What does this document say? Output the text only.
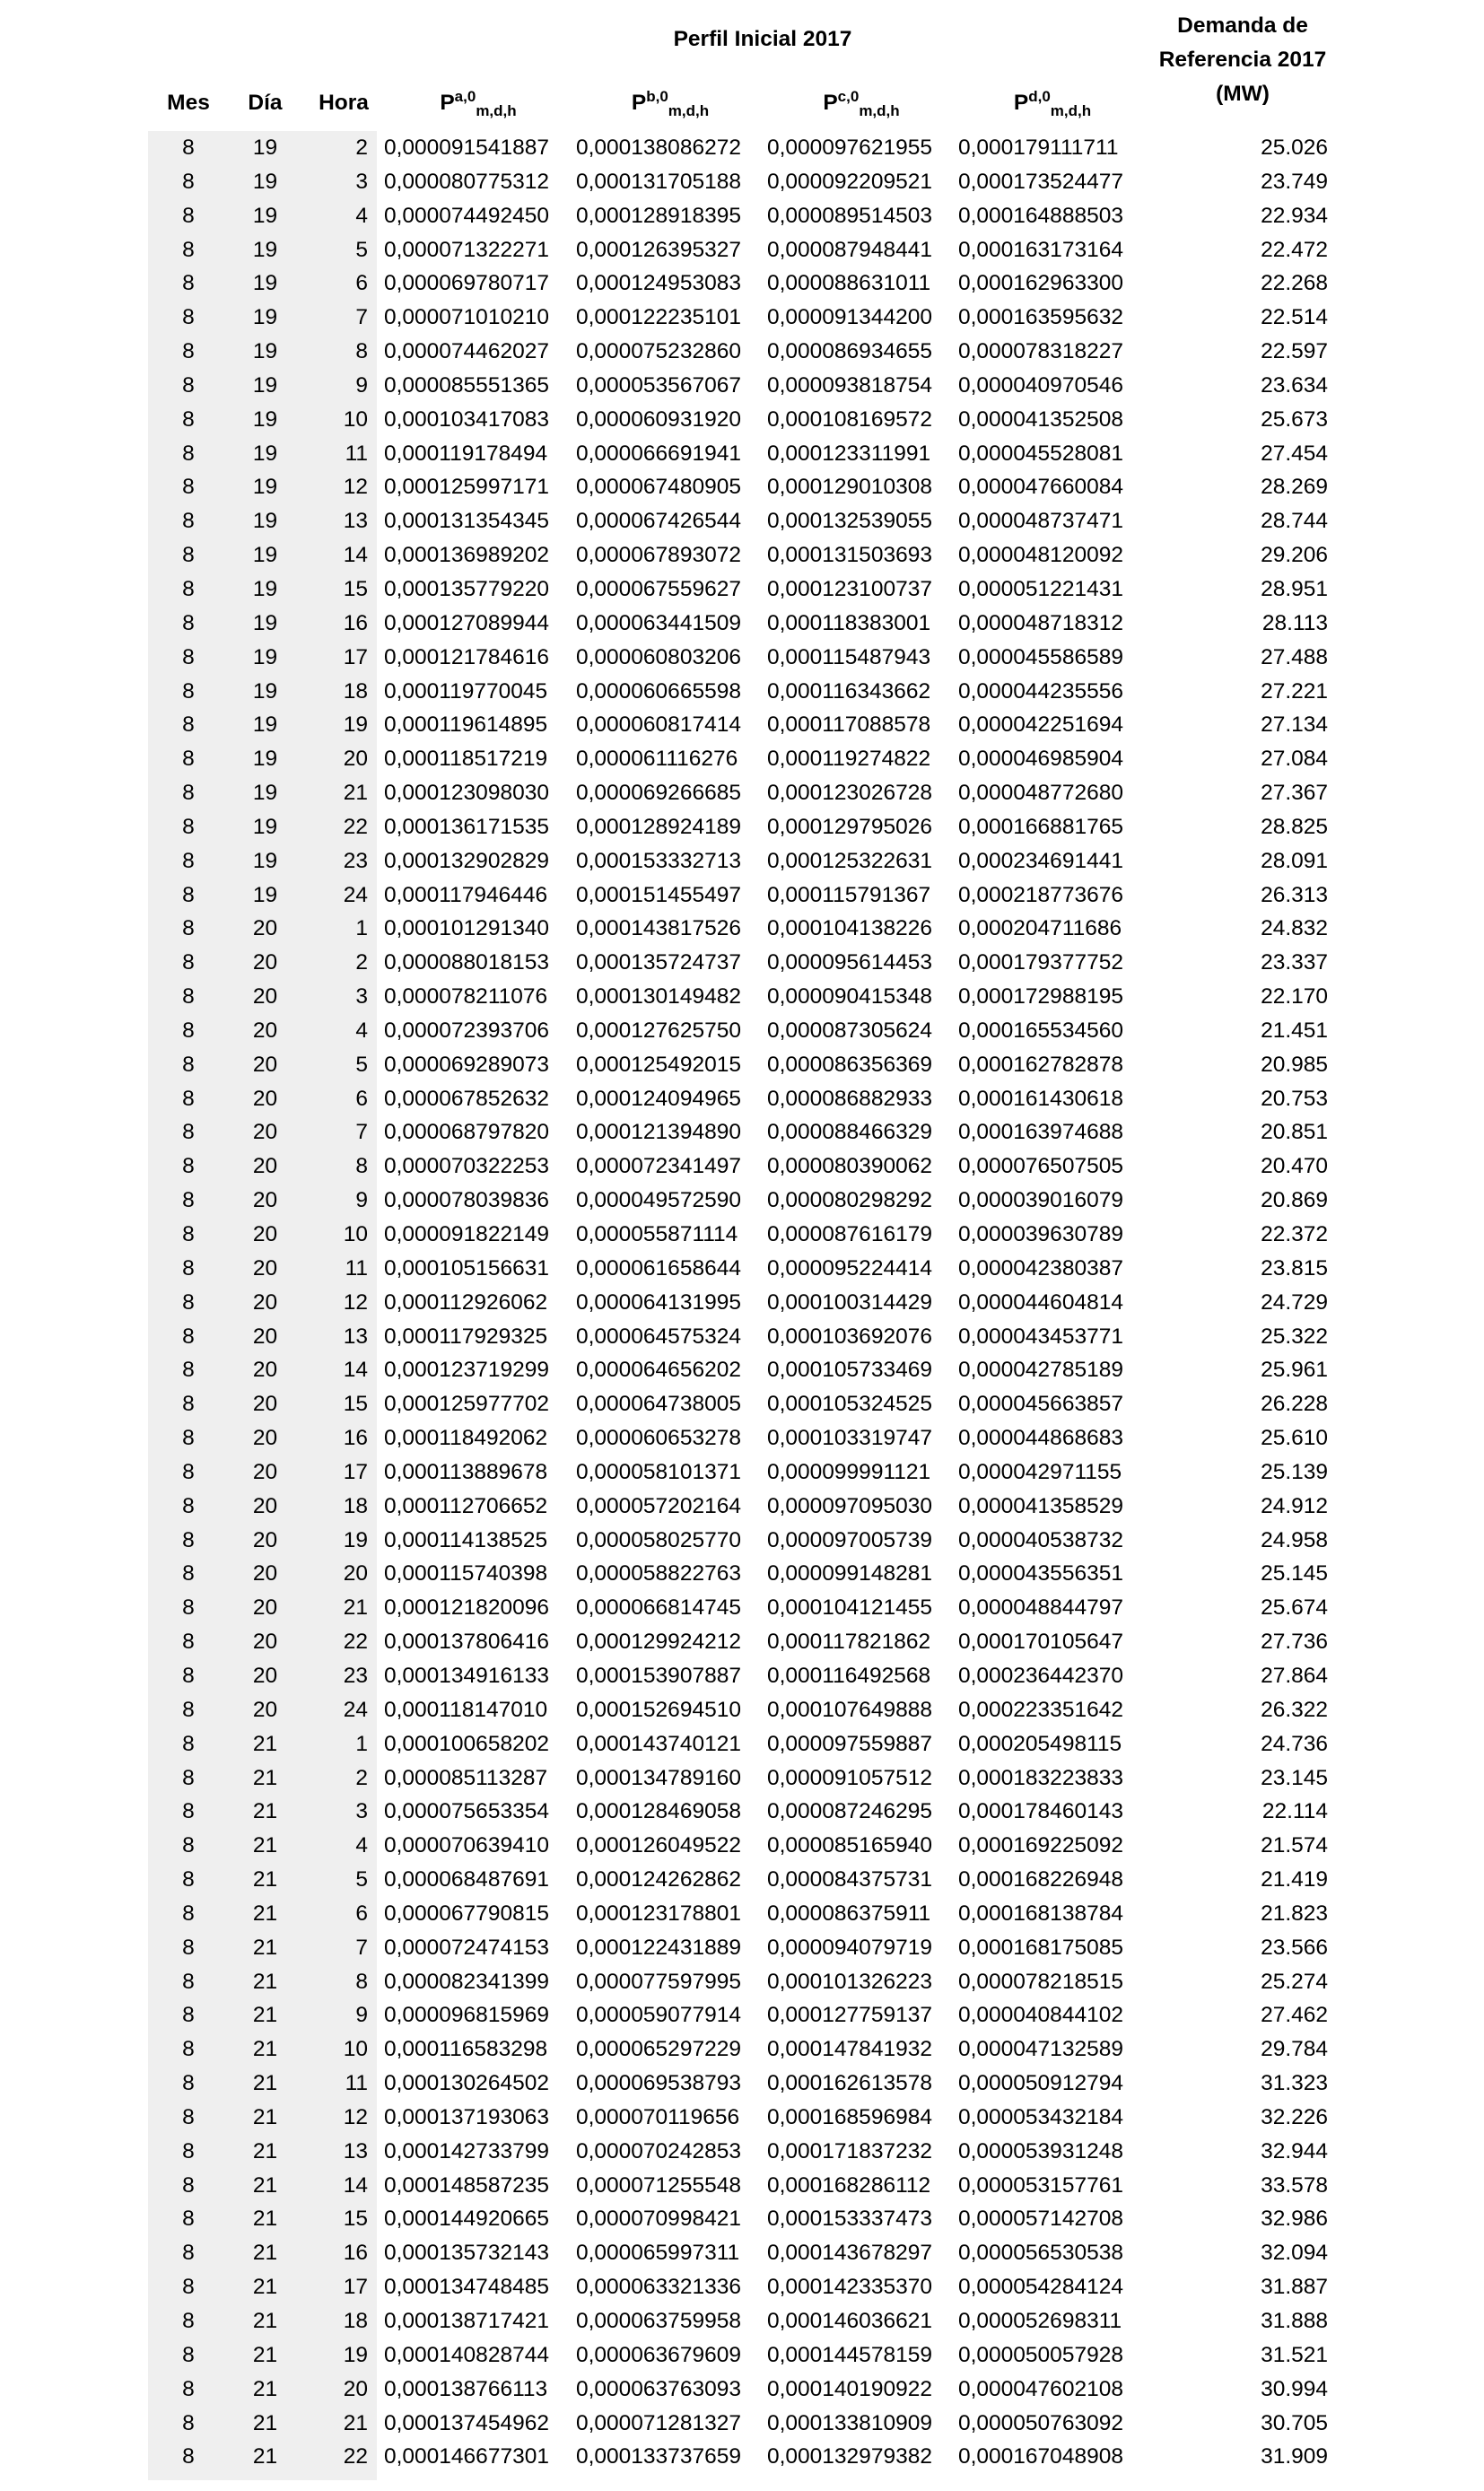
Perfil Inicial 2017
Demanda de
Referencia 2017
(MW)
Mes	Día	Hora	P$^{a,0}_{m,d,h}$	P$^{b,0}_{m,d,h}$	P$^{c,0}_{m,d,h}$	P$^{d,0}_{m,d,h}$
8	19	2 0,000091541887	0,000138086272	0,000097621955	0,000179111711	25.026
8	19	3 0,000080775312	0,000131705188	0,000092209521	0,000173524477	23.749
8	19	4 0,000074492450	0,000128918395	0,000089514503	0,000164888503	22.934
8	19	5 0,000071322271	0,000126395327	0,000087948441	0,000163173164	22.472
8	19	6 0,000069780717	0,000124953083	0,000088631011	0,000162963300	22.268
8	19	7 0,000071010210	0,000122235101	0,000091344200	0,000163595632	22.514
8	19	8 0,000074462027	0,000075232860	0,000086934655	0,000078318227	22.597
8	19	9 0,000085551365	0,000053567067	0,000093818754	0,000040970546	23.634
8	19	10 0,000103417083	0,000060931920	0,000108169572	0,000041352508	25.673
8	19	11 0,000119178494	0,000066691941	0,000123311991	0,000045528081	27.454
8	19	12 0,000125997171	0,000067480905	0,000129010308	0,000047660084	28.269
8	19	13 0,000131354345	0,000067426544	0,000132539055	0,000048737471	28.744
8	19	14 0,000136989202	0,000067893072	0,000131503693	0,000048120092	29.206
8	19	15 0,000135779220	0,000067559627	0,000123100737	0,000051221431	28.951
8	19	16 0,000127089944	0,000063441509	0,000118383001	0,000048718312	28.113
8	19	17 0,000121784616	0,000060803206	0,000115487943	0,000045586589	27.488
8	19	18 0,000119770045	0,000060665598	0,000116343662	0,000044235556	27.221
8	19	19 0,000119614895	0,000060817414	0,000117088578	0,000042251694	27.134
8	19	20 0,000118517219	0,000061116276	0,000119274822	0,000046985904	27.084
8	19	21 0,000123098030	0,000069266685	0,000123026728	0,000048772680	27.367
8	19	22 0,000136171535	0,000128924189	0,000129795026	0,000166881765	28.825
8	19	23 0,000132902829	0,000153332713	0,000125322631	0,000234691441	28.091
8	19	24 0,000117946446	0,000151455497	0,000115791367	0,000218773676	26.313
8	20	1 0,000101291340	0,000143817526	0,000104138226	0,000204711686	24.832
8	20	2 0,000088018153	0,000135724737	0,000095614453	0,000179377752	23.337
8	20	3 0,000078211076	0,000130149482	0,000090415348	0,000172988195	22.170
8	20	4 0,000072393706	0,000127625750	0,000087305624	0,000165534560	21.451
8	20	5 0,000069289073	0,000125492015	0,000086356369	0,000162782878	20.985
8	20	6 0,000067852632	0,000124094965	0,000086882933	0,000161430618	20.753
8	20	7 0,000068797820	0,000121394890	0,000088466329	0,000163974688	20.851
8	20	8 0,000070322253	0,000072341497	0,000080390062	0,000076507505	20.470
8	20	9 0,000078039836	0,000049572590	0,000080298292	0,000039016079	20.869
8	20	10 0,000091822149	0,000055871114	0,000087616179	0,000039630789	22.372
8	20	11 0,000105156631	0,000061658644	0,000095224414	0,000042380387	23.815
8	20	12 0,000112926062	0,000064131995	0,000100314429	0,000044604814	24.729
8	20	13 0,000117929325	0,000064575324	0,000103692076	0,000043453771	25.322
8	20	14 0,000123719299	0,000064656202	0,000105733469	0,000042785189	25.961
8	20	15 0,000125977702	0,000064738005	0,000105324525	0,000045663857	26.228
8	20	16 0,000118492062	0,000060653278	0,000103319747	0,000044868683	25.610
8	20	17 0,000113889678	0,000058101371	0,000099991121	0,000042971155	25.139
8	20	18 0,000112706652	0,000057202164	0,000097095030	0,000041358529	24.912
8	20	19 0,000114138525	0,000058025770	0,000097005739	0,000040538732	24.958
8	20	20 0,000115740398	0,000058822763	0,000099148281	0,000043556351	25.145
8	20	21 0,000121820096	0,000066814745	0,000104121455	0,000048844797	25.674
8	20	22 0,000137806416	0,000129924212	0,000117821862	0,000170105647	27.736
8	20	23 0,000134916133	0,000153907887	0,000116492568	0,000236442370	27.864
8	20	24 0,000118147010	0,000152694510	0,000107649888	0,000223351642	26.322
8	21	1 0,000100658202	0,000143740121	0,000097559887	0,000205498115	24.736
8	21	2 0,000085113287	0,000134789160	0,000091057512	0,000183223833	23.145
8	21	3 0,000075653354	0,000128469058	0,000087246295	0,000178460143	22.114
8	21	4 0,000070639410	0,000126049522	0,000085165940	0,000169225092	21.574
8	21	5 0,000068487691	0,000124262862	0,000084375731	0,000168226948	21.419
8	21	6 0,000067790815	0,000123178801	0,000086375911	0,000168138784	21.823
8	21	7 0,000072474153	0,000122431889	0,000094079719	0,000168175085	23.566
8	21	8 0,000082341399	0,000077597995	0,000101326223	0,000078218515	25.274
8	21	9 0,000096815969	0,000059077914	0,000127759137	0,000040844102	27.462
8	21	10 0,000116583298	0,000065297229	0,000147841932	0,000047132589	29.784
8	21	11 0,000130264502	0,000069538793	0,000162613578	0,000050912794	31.323
8	21	12 0,000137193063	0,000070119656	0,000168596984	0,000053432184	32.226
8	21	13 0,000142733799	0,000070242853	0,000171837232	0,000053931248	32.944
8	21	14 0,000148587235	0,000071255548	0,000168286112	0,000053157761	33.578
8	21	15 0,000144920665	0,000070998421	0,000153337473	0,000057142708	32.986
8	21	16 0,000135732143	0,000065997311	0,000143678297	0,000056530538	32.094
8	21	17 0,000134748485	0,000063321336	0,000142335370	0,000054284124	31.887
8	21	18 0,000138717421	0,000063759958	0,000146036621	0,000052698311	31.888
8	21	19 0,000140828744	0,000063679609	0,000144578159	0,000050057928	31.521
8	21	20 0,000138766113	0,000063763093	0,000140190922	0,000047602108	30.994
8	21	21 0,000137454962	0,000071281327	0,000133810909	0,000050763092	30.705
8	21	22 0,000146677301	0,000133737659	0,000132979382	0,000167048908	31.909
